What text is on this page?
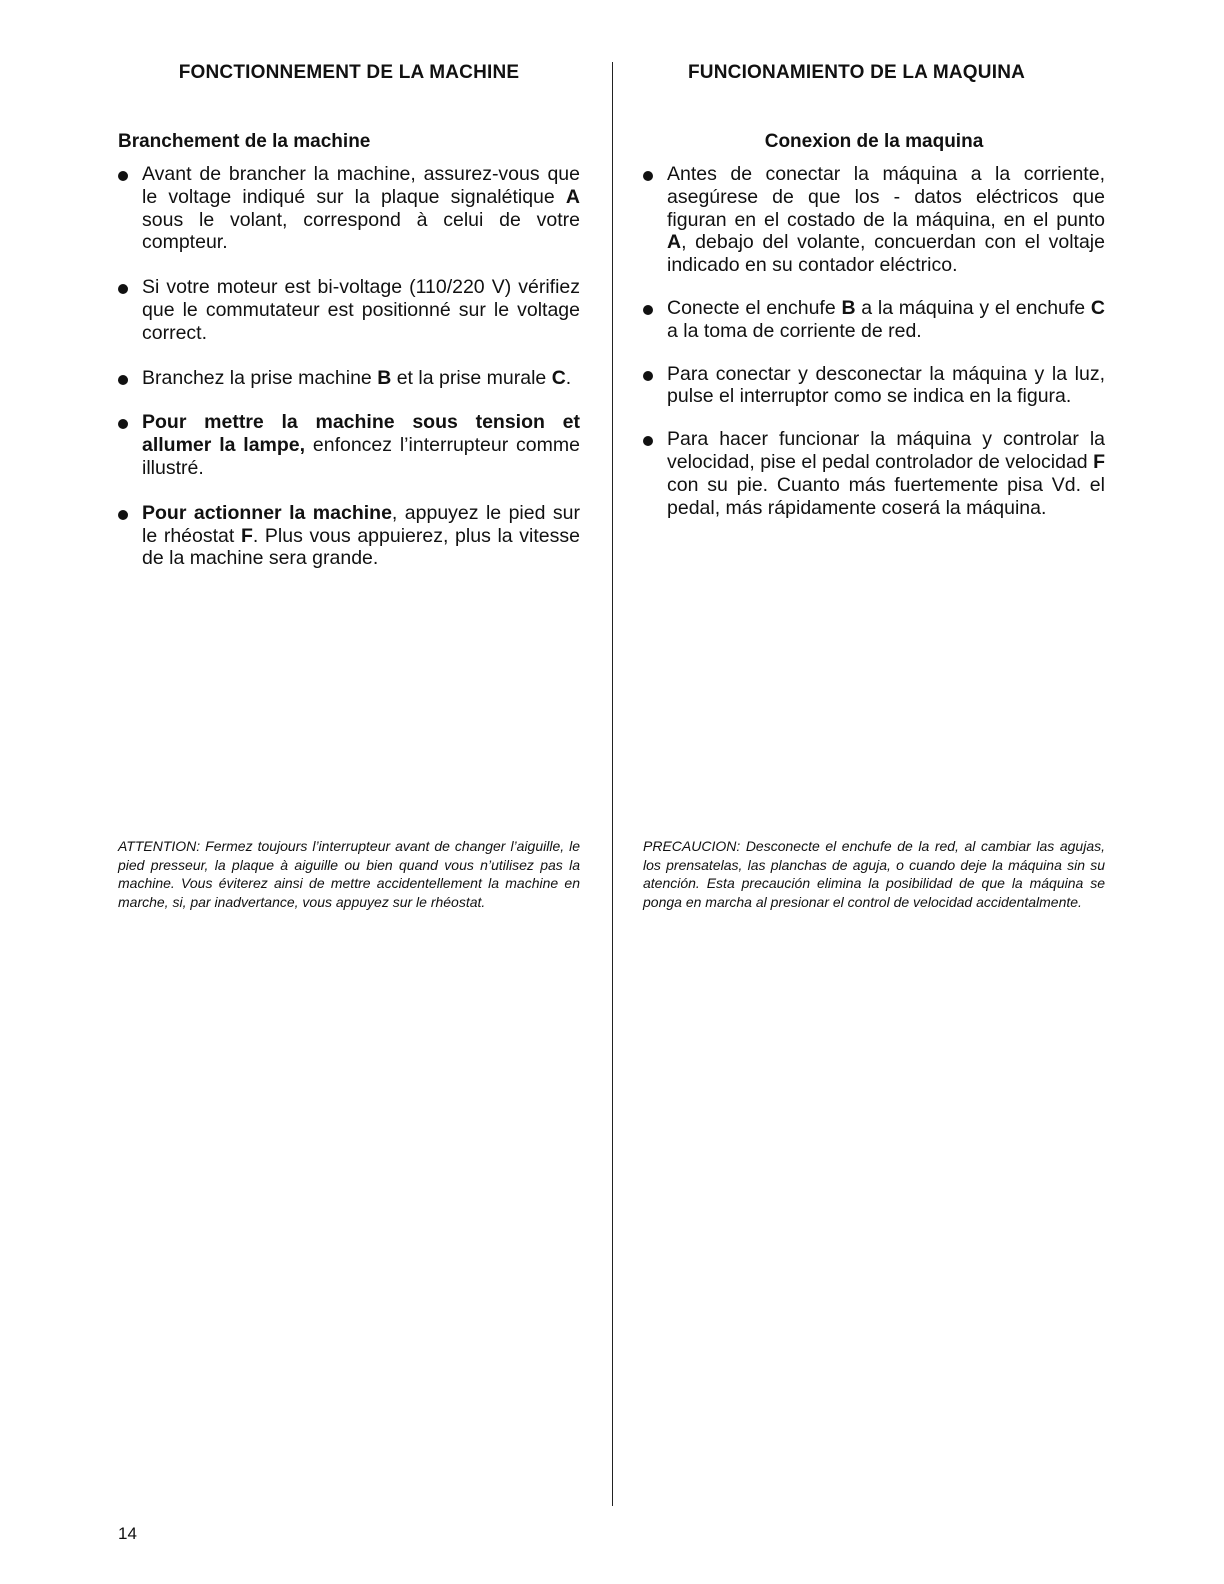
FONCTIONNEMENT DE LA MACHINE
Branchement de la machine
Avant de brancher la machine, assurez-vous que le voltage indiqué sur la plaque signalétique A sous le volant, correspond à celui de votre compteur.
Si votre moteur est bi-voltage (110/220 V) vérifiez que le commutateur est positionné sur le voltage correct.
Branchez la prise machine B et la prise murale C.
Pour mettre la machine sous tension et allumer la lampe, enfoncez l’interrupteur comme illustré.
Pour actionner la machine, appuyez le pied sur le rhéostat F. Plus vous appuierez, plus la vitesse de la machine sera grande.

ATTENTION: Fermez toujours l’interrupteur avant de changer l’aiguille, le pied presseur, la plaque à aiguille ou bien quand vous n’utilisez pas la machine. Vous éviterez ainsi de mettre accidentellement la machine en marche, si, par inadvertance, vous appuyez sur le rhéostat.

FUNCIONAMIENTO DE LA MAQUINA
Conexion de la maquina
Antes de conectar la máquina a la corriente, asegúrese de que los - datos eléctricos que figuran en el costado de la máquina, en el punto A, debajo del volante, concuerdan con el voltaje indicado en su contador eléctrico.
Conecte el enchufe B a la máquina y el enchufe C a la toma de corriente de red.
Para conectar y desconectar la máquina y la luz, pulse el interruptor como se indica en la figura.
Para hacer funcionar la máquina y controlar la velocidad, pise el pedal controlador de velocidad F con su pie. Cuanto más fuertemente pisa Vd. el pedal, más rápidamente coserá la máquina.

PRECAUCION: Desconecte el enchufe de la red, al cambiar las agujas, los prensatelas, las planchas de aguja, o cuando deje la máquina sin su atención. Esta precaución elimina la posibilidad de que la máquina se ponga en marcha al presionar el control de velocidad accidentalmente.

14
